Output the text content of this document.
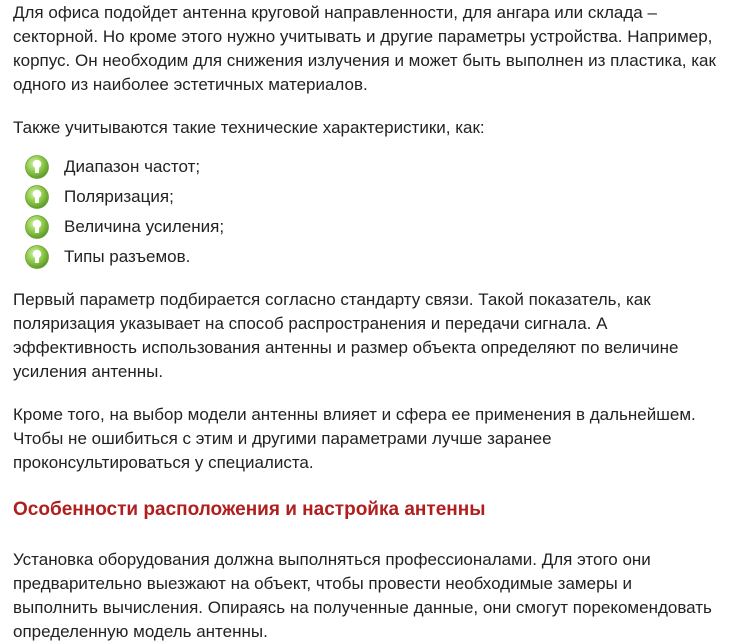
Для офиса подойдет антенна круговой направленности, для ангара или склада –
секторной. Но кроме этого нужно учитывать и другие параметры устройства. Например,
корпус. Он необходим для снижения излучения и может быть выполнен из пластика, как
одного из наиболее эстетичных материалов.

Также учитываются такие технические характеристики, как:

Диапазон частот;
Поляризация;
Величина усиления;
Типы разъемов.

Первый параметр подбирается согласно стандарту связи. Такой показатель, как
поляризация указывает на способ распространения и передачи сигнала. А
эффективность использования антенны и размер объекта определяют по величине
усиления антенны.

Кроме того, на выбор модели антенны влияет и сфера ее применения в дальнейшем.
Чтобы не ошибиться с этим и другими параметрами лучше заранее
проконсультироваться у специалиста.

Особенности расположения и настройка антенны

Установка оборудования должна выполняться профессионалами. Для этого они
предварительно выезжают на объект, чтобы провести необходимые замеры и
выполнить вычисления. Опираясь на полученные данные, они смогут порекомендовать
определенную модель антенны.
